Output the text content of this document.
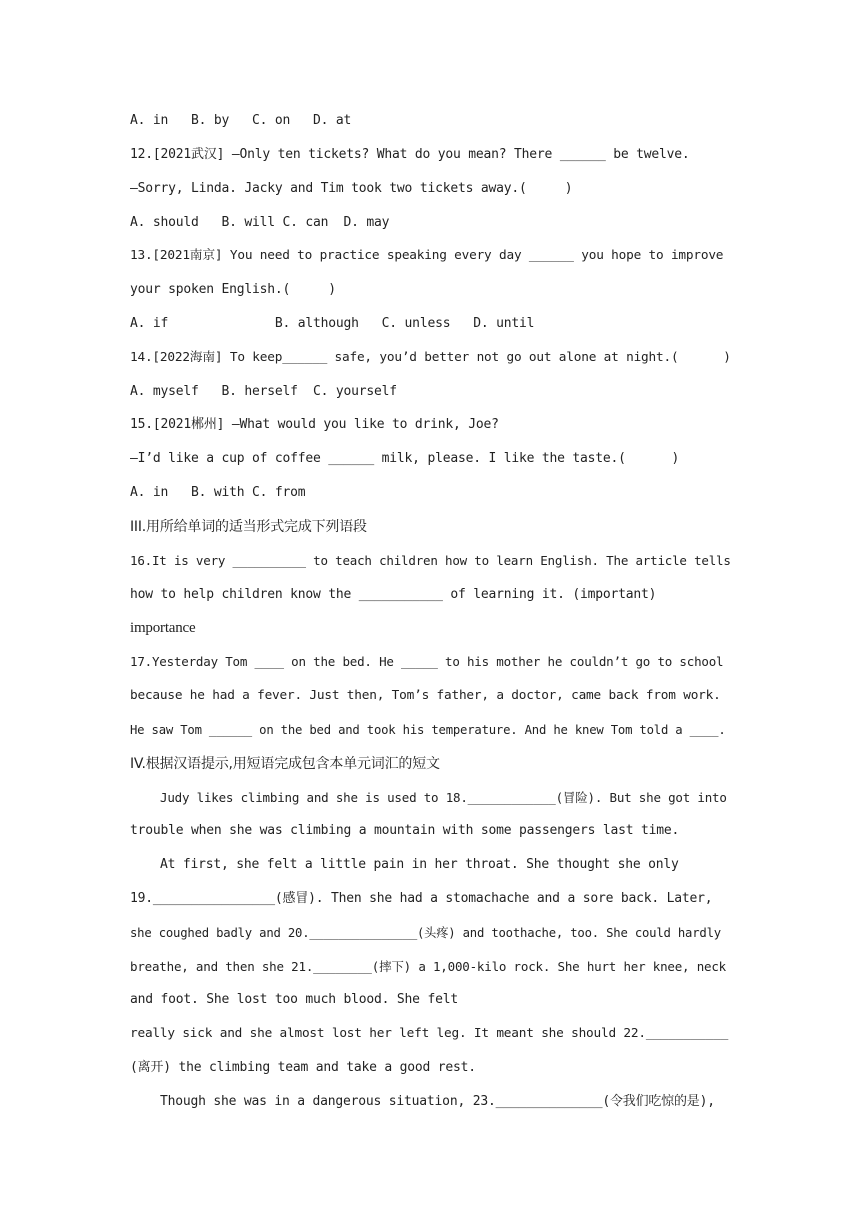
A. in   B. by   C. on   D. at
12.[2021武汉] —Only ten tickets? What do you mean? There ______ be twelve.
—Sorry, Linda. Jacky and Tim took two tickets away.(     )
A. should   B. will C. can  D. may
13.[2021南京] You need to practice speaking every day ______ you hope to improve
your spoken English.(     )
A. if              B. although   C. unless   D. until
14.[2022海南] To keep______ safe, you’d better not go out alone at night.(      )
A. myself   B. herself  C. yourself
15.[2021郴州] —What would you like to drink, Joe?
—I’d like a cup of coffee ______ milk, please. I like the taste.(      )
A. in   B. with C. from
III.用所给单词的适当形式完成下列语段
16.It is very __________ to teach children how to learn English. The article tells
how to help children know the ___________ of learning it. (important)
importance
17.Yesterday Tom ____ on the bed. He _____ to his mother he couldn’t go to school
because he had a fever. Just then, Tom’s father, a doctor, came back from work.
He saw Tom ______ on the bed and took his temperature. And he knew Tom told a ____.
IV.根据汉语提示,用短语完成包含本单元词汇的短文
Judy likes climbing and she is used to 18.____________(冒险). But she got into
trouble when she was climbing a mountain with some passengers last time.
At first, she felt a little pain in her throat. She thought she only
19.________________(感冒). Then she had a stomachache and a sore back. Later,
she coughed badly and 20._______________(头疼) and toothache, too. She could hardly
breathe, and then she 21.________(摔下) a 1,000-kilo rock. She hurt her knee, neck
and foot. She lost too much blood. She felt
really sick and she almost lost her left leg. It meant she should 22.___________
(离开) the climbing team and take a good rest.
Though she was in a dangerous situation, 23.______________(令我们吃惊的是),
